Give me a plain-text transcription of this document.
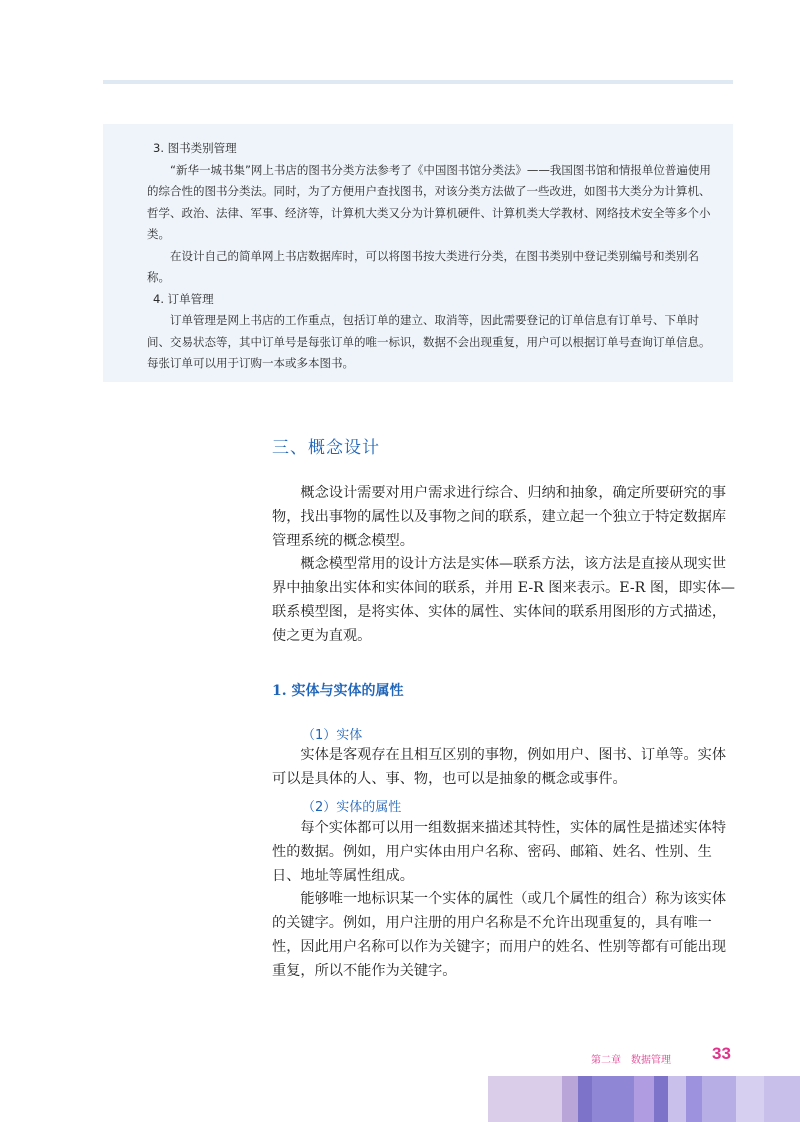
3. 图书类别管理

“新华一城书集”网上书店的图书分类方法参考了《中国图书馆分类法》——我国图书馆和情报单位普遍使用的综合性的图书分类法。同时，为了方便用户查找图书，对该分类方法做了一些改进，如图书大类分为计算机、哲学、政治、法律、军事、经济等，计算机大类又分为计算机硬件、计算机类大学教材、网络技术安全等多个小类。

在设计自己的简单网上书店数据库时，可以将图书按大类进行分类，在图书类别中登记类别编号和类别名称。

4. 订单管理

订单管理是网上书店的工作重点，包括订单的建立、取消等，因此需要登记的订单信息有订单号、下单时间、交易状态等，其中订单号是每张订单的唯一标识，数据不会出现重复，用户可以根据订单号查询订单信息。每张订单可以用于订购一本或多本图书。

三、概念设计

概念设计需要对用户需求进行综合、归纳和抽象，确定所要研究的事物，找出事物的属性以及事物之间的联系，建立起一个独立于特定数据库管理系统的概念模型。

概念模型常用的设计方法是实体—联系方法，该方法是直接从现实世界中抽象出实体和实体间的联系，并用 E-R 图来表示。E-R 图，即实体—联系模型图，是将实体、实体的属性、实体间的联系用图形的方式描述，使之更为直观。

1. 实体与实体的属性
（1）实体

实体是客观存在且相互区别的事物，例如用户、图书、订单等。实体可以是具体的人、事、物，也可以是抽象的概念或事件。

（2）实体的属性

每个实体都可以用一组数据来描述其特性，实体的属性是描述实体特性的数据。例如，用户实体由用户名称、密码、邮箱、姓名、性别、生日、地址等属性组成。

能够唯一地标识某一个实体的属性（或几个属性的组合）称为该实体的关键字。例如，用户注册的用户名称是不允许出现重复的，具有唯一性，因此用户名称可以作为关键字；而用户的姓名、性别等都有可能出现重复，所以不能作为关键字。

第二章　数据管理 33
